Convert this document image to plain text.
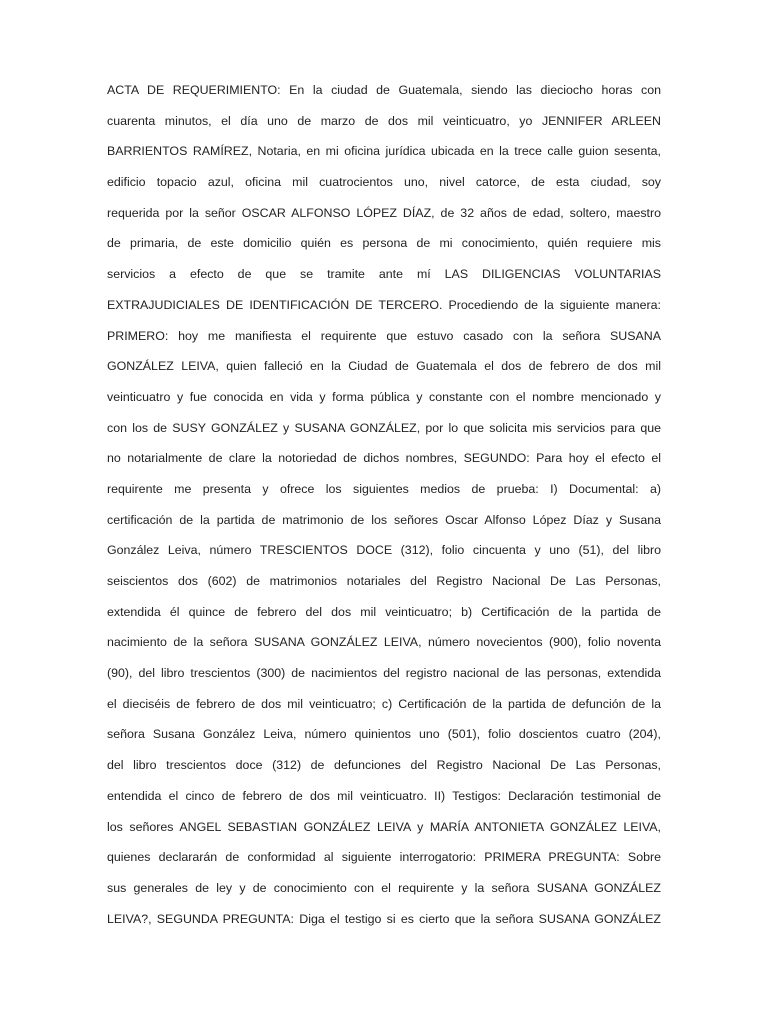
ACTA DE REQUERIMIENTO: En la ciudad de Guatemala, siendo las dieciocho horas con
cuarenta minutos, el día uno de marzo de dos mil veinticuatro, yo JENNIFER ARLEEN
BARRIENTOS RAMÍREZ, Notaria, en mi oficina jurídica ubicada en la trece calle guion sesenta,
edificio topacio azul, oficina mil cuatrocientos uno, nivel catorce, de esta ciudad, soy
requerida por la señor OSCAR ALFONSO LÓPEZ DÍAZ, de 32 años de edad, soltero, maestro
de primaria, de este domicilio quién es persona de mi conocimiento, quién requiere mis
servicios a efecto de que se tramite ante mí LAS DILIGENCIAS VOLUNTARIAS
EXTRAJUDICIALES DE IDENTIFICACIÓN DE TERCERO. Procediendo de la siguiente manera:
PRIMERO: hoy me manifiesta el requirente que estuvo casado con la señora SUSANA
GONZÁLEZ LEIVA, quien falleció en la Ciudad de Guatemala el dos de febrero de dos mil
veinticuatro y fue conocida en vida y forma pública y constante con el nombre mencionado y
con los de SUSY GONZÁLEZ y SUSANA GONZÁLEZ, por lo que solicita mis servicios para que
no notarialmente de clare la notoriedad de dichos nombres, SEGUNDO: Para hoy el efecto el
requirente me presenta y ofrece los siguientes medios de prueba: I) Documental: a)
certificación de la partida de matrimonio de los señores Oscar Alfonso López Díaz y Susana
González Leiva, número TRESCIENTOS DOCE (312), folio cincuenta y uno (51), del libro
seiscientos dos (602) de matrimonios notariales del Registro Nacional De Las Personas,
extendida él quince de febrero del dos mil veinticuatro; b) Certificación de la partida de
nacimiento de la señora SUSANA GONZÁLEZ LEIVA, número novecientos (900), folio noventa
(90), del libro trescientos (300) de nacimientos del registro nacional de las personas, extendida
el dieciséis de febrero de dos mil veinticuatro; c) Certificación de la partida de defunción de la
señora Susana González Leiva, número quinientos uno (501), folio doscientos cuatro (204),
del libro trescientos doce (312) de defunciones del Registro Nacional De Las Personas,
entendida el cinco de febrero de dos mil veinticuatro. II) Testigos: Declaración testimonial de
los señores ANGEL SEBASTIAN GONZÁLEZ LEIVA y MARÍA ANTONIETA GONZÁLEZ LEIVA,
quienes declararán de conformidad al siguiente interrogatorio: PRIMERA PREGUNTA: Sobre
sus generales de ley y de conocimiento con el requirente y la señora SUSANA GONZÁLEZ
LEIVA?, SEGUNDA PREGUNTA: Diga el testigo si es cierto que la señora SUSANA GONZÁLEZ
